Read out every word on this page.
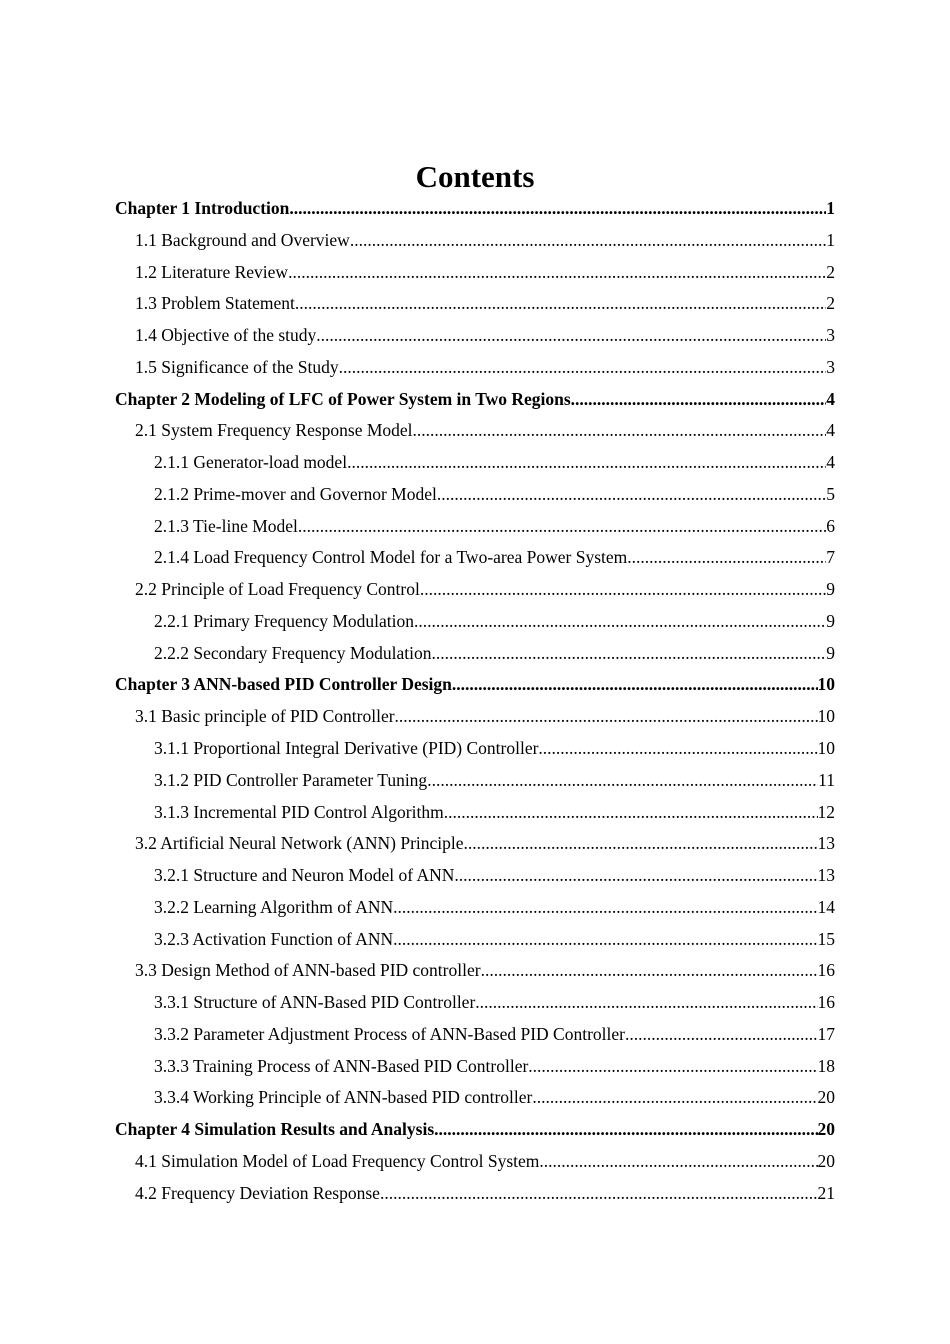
Contents
Chapter 1 Introduction .....	1
1.1 Background and Overview .....	1
1.2 Literature Review .....	2
1.3 Problem Statement .....	2
1.4 Objective of the study .....	3
1.5 Significance of the Study .....	3
Chapter 2 Modeling of LFC of Power System in Two Regions .....	4
2.1 System Frequency Response Model .....	4
2.1.1 Generator-load model .....	4
2.1.2 Prime-mover and Governor Model .....	5
2.1.3 Tie-line Model .....	6
2.1.4 Load Frequency Control Model for a Two-area Power System .....	7
2.2 Principle of Load Frequency Control .....	9
2.2.1 Primary Frequency Modulation .....	9
2.2.2 Secondary Frequency Modulation .....	9
Chapter 3 ANN-based PID Controller Design .....	10
3.1 Basic principle of PID Controller .....	10
3.1.1 Proportional Integral Derivative (PID) Controller .....	10
3.1.2 PID Controller Parameter Tuning .....	11
3.1.3 Incremental PID Control Algorithm .....	12
3.2 Artificial Neural Network (ANN) Principle .....	13
3.2.1 Structure and Neuron Model of ANN .....	13
3.2.2 Learning Algorithm of ANN .....	14
3.2.3 Activation Function of ANN .....	15
3.3 Design Method of ANN-based PID controller .....	16
3.3.1 Structure of ANN-Based PID Controller .....	16
3.3.2 Parameter Adjustment Process of ANN-Based PID Controller .....	17
3.3.3 Training Process of ANN-Based PID Controller .....	18
3.3.4 Working Principle of ANN-based PID controller .....	20
Chapter 4 Simulation Results and Analysis .....	20
4.1 Simulation Model of Load Frequency Control System .....	20
4.2 Frequency Deviation Response .....	21
